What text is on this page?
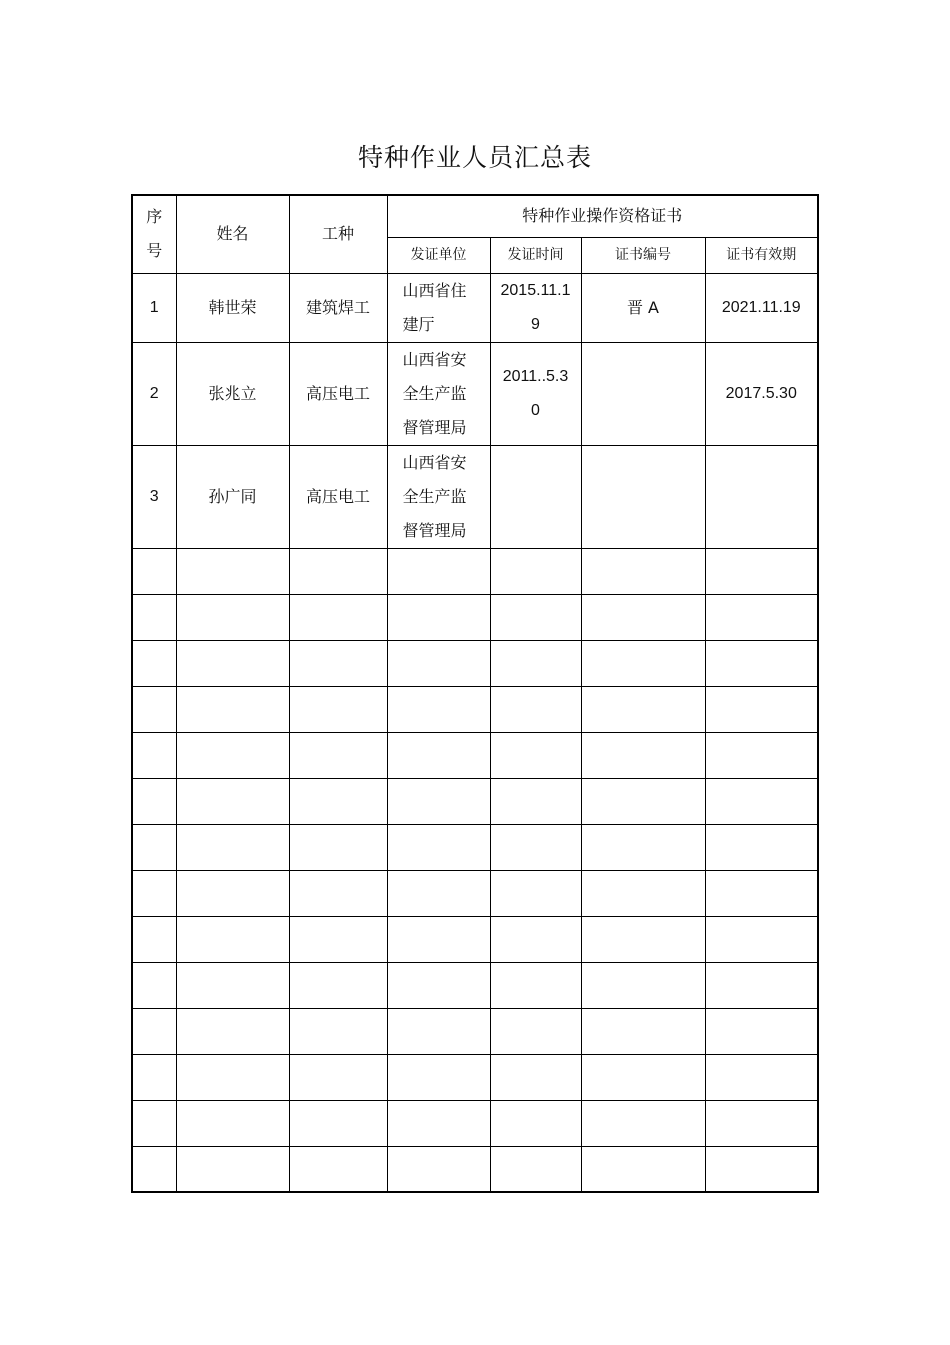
特种作业人员汇总表
序号	姓名	工种	特种作业操作资格证书			
			发证单位	发证时间	证书编号	证书有效期
1	韩世荣	建筑焊工	山西省住建厅	2015.11.19	晋 A	2021.11.19
2	张兆立	高压电工	山西省安全生产监督管理局	2011..5.30		2017.5.30
3	孙广同	高压电工	山西省安全生产监督管理局			
